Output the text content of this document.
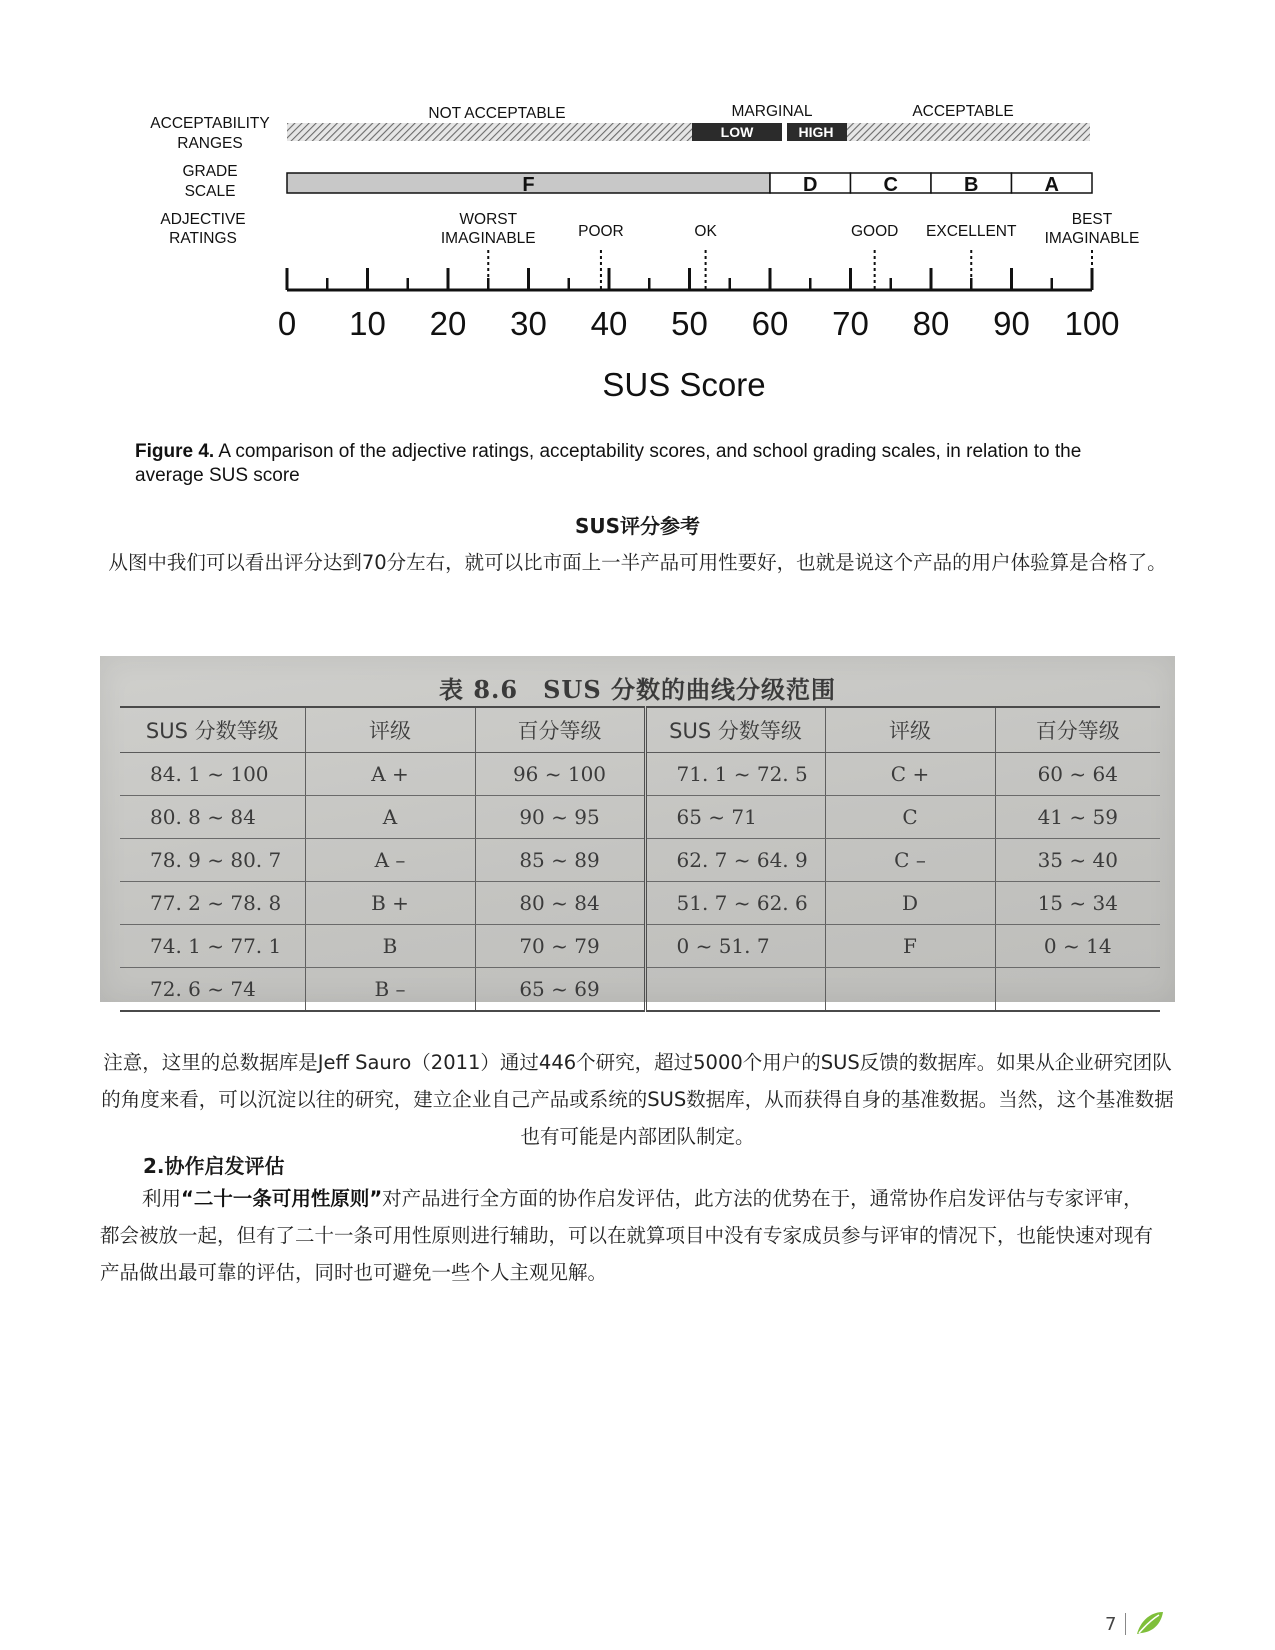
ACCEPTABILITY
RANGES
GRADE
SCALE
ADJECTIVE
RATINGS
NOT ACCEPTABLE	MARGINAL	ACCEPTABLE
LOW	HIGH
F	D	C	B	A
0 10 20 30 40 50 60 70 80 90 100
WORST
IMAGINABLE	POOR	OK	GOOD EXCELLENT
BEST
IMAGINABLE
SUS Score
Figure 4. A comparison of the adjective ratings, acceptability scores, and school grading scales, in relation to the average SUS score
SUS评分参考
从图中我们可以看出评分达到70分左右，就可以比市面上一半产品可用性要好，也就是说这个产品的用户体验算是合格了。
表 8.6　SUS 分数的曲线分级范围
SUS 分数等级	评级	百分等级	SUS 分数等级	评级	百分等级
84. 1 ~ 100	A +	96 ~ 100	71. 1 ~ 72. 5	C +	60 ~ 64
80. 8 ~ 84	A	90 ~ 95	65 ~ 71	C	41 ~ 59
78. 9 ~ 80. 7	A –	85 ~ 89	62. 7 ~ 64. 9	C –	35 ~ 40
77. 2 ~ 78. 8	B +	80 ~ 84	51. 7 ~ 62. 6	D	15 ~ 34
74. 1 ~ 77. 1	B	70 ~ 79	0 ~ 51. 7	F	0 ~ 14
72. 6 ~ 74	B –	65 ~ 69			
注意，这里的总数据库是Jeff Sauro（2011）通过446个研究，超过5000个用户的SUS反馈的数据库。如果从企业研究团队的角度来看，可以沉淀以往的研究，建立企业自己产品或系统的SUS数据库，从而获得自身的基准数据。当然，这个基准数据也有可能是内部团队制定。
2.协作启发评估
利用“二十一条可用性原则”对产品进行全方面的协作启发评估，此方法的优势在于，通常协作启发评估与专家评审，都会被放一起，但有了二十一条可用性原则进行辅助，可以在就算项目中没有专家成员参与评审的情况下，也能快速对现有产品做出最可靠的评估，同时也可避免一些个人主观见解。
7
